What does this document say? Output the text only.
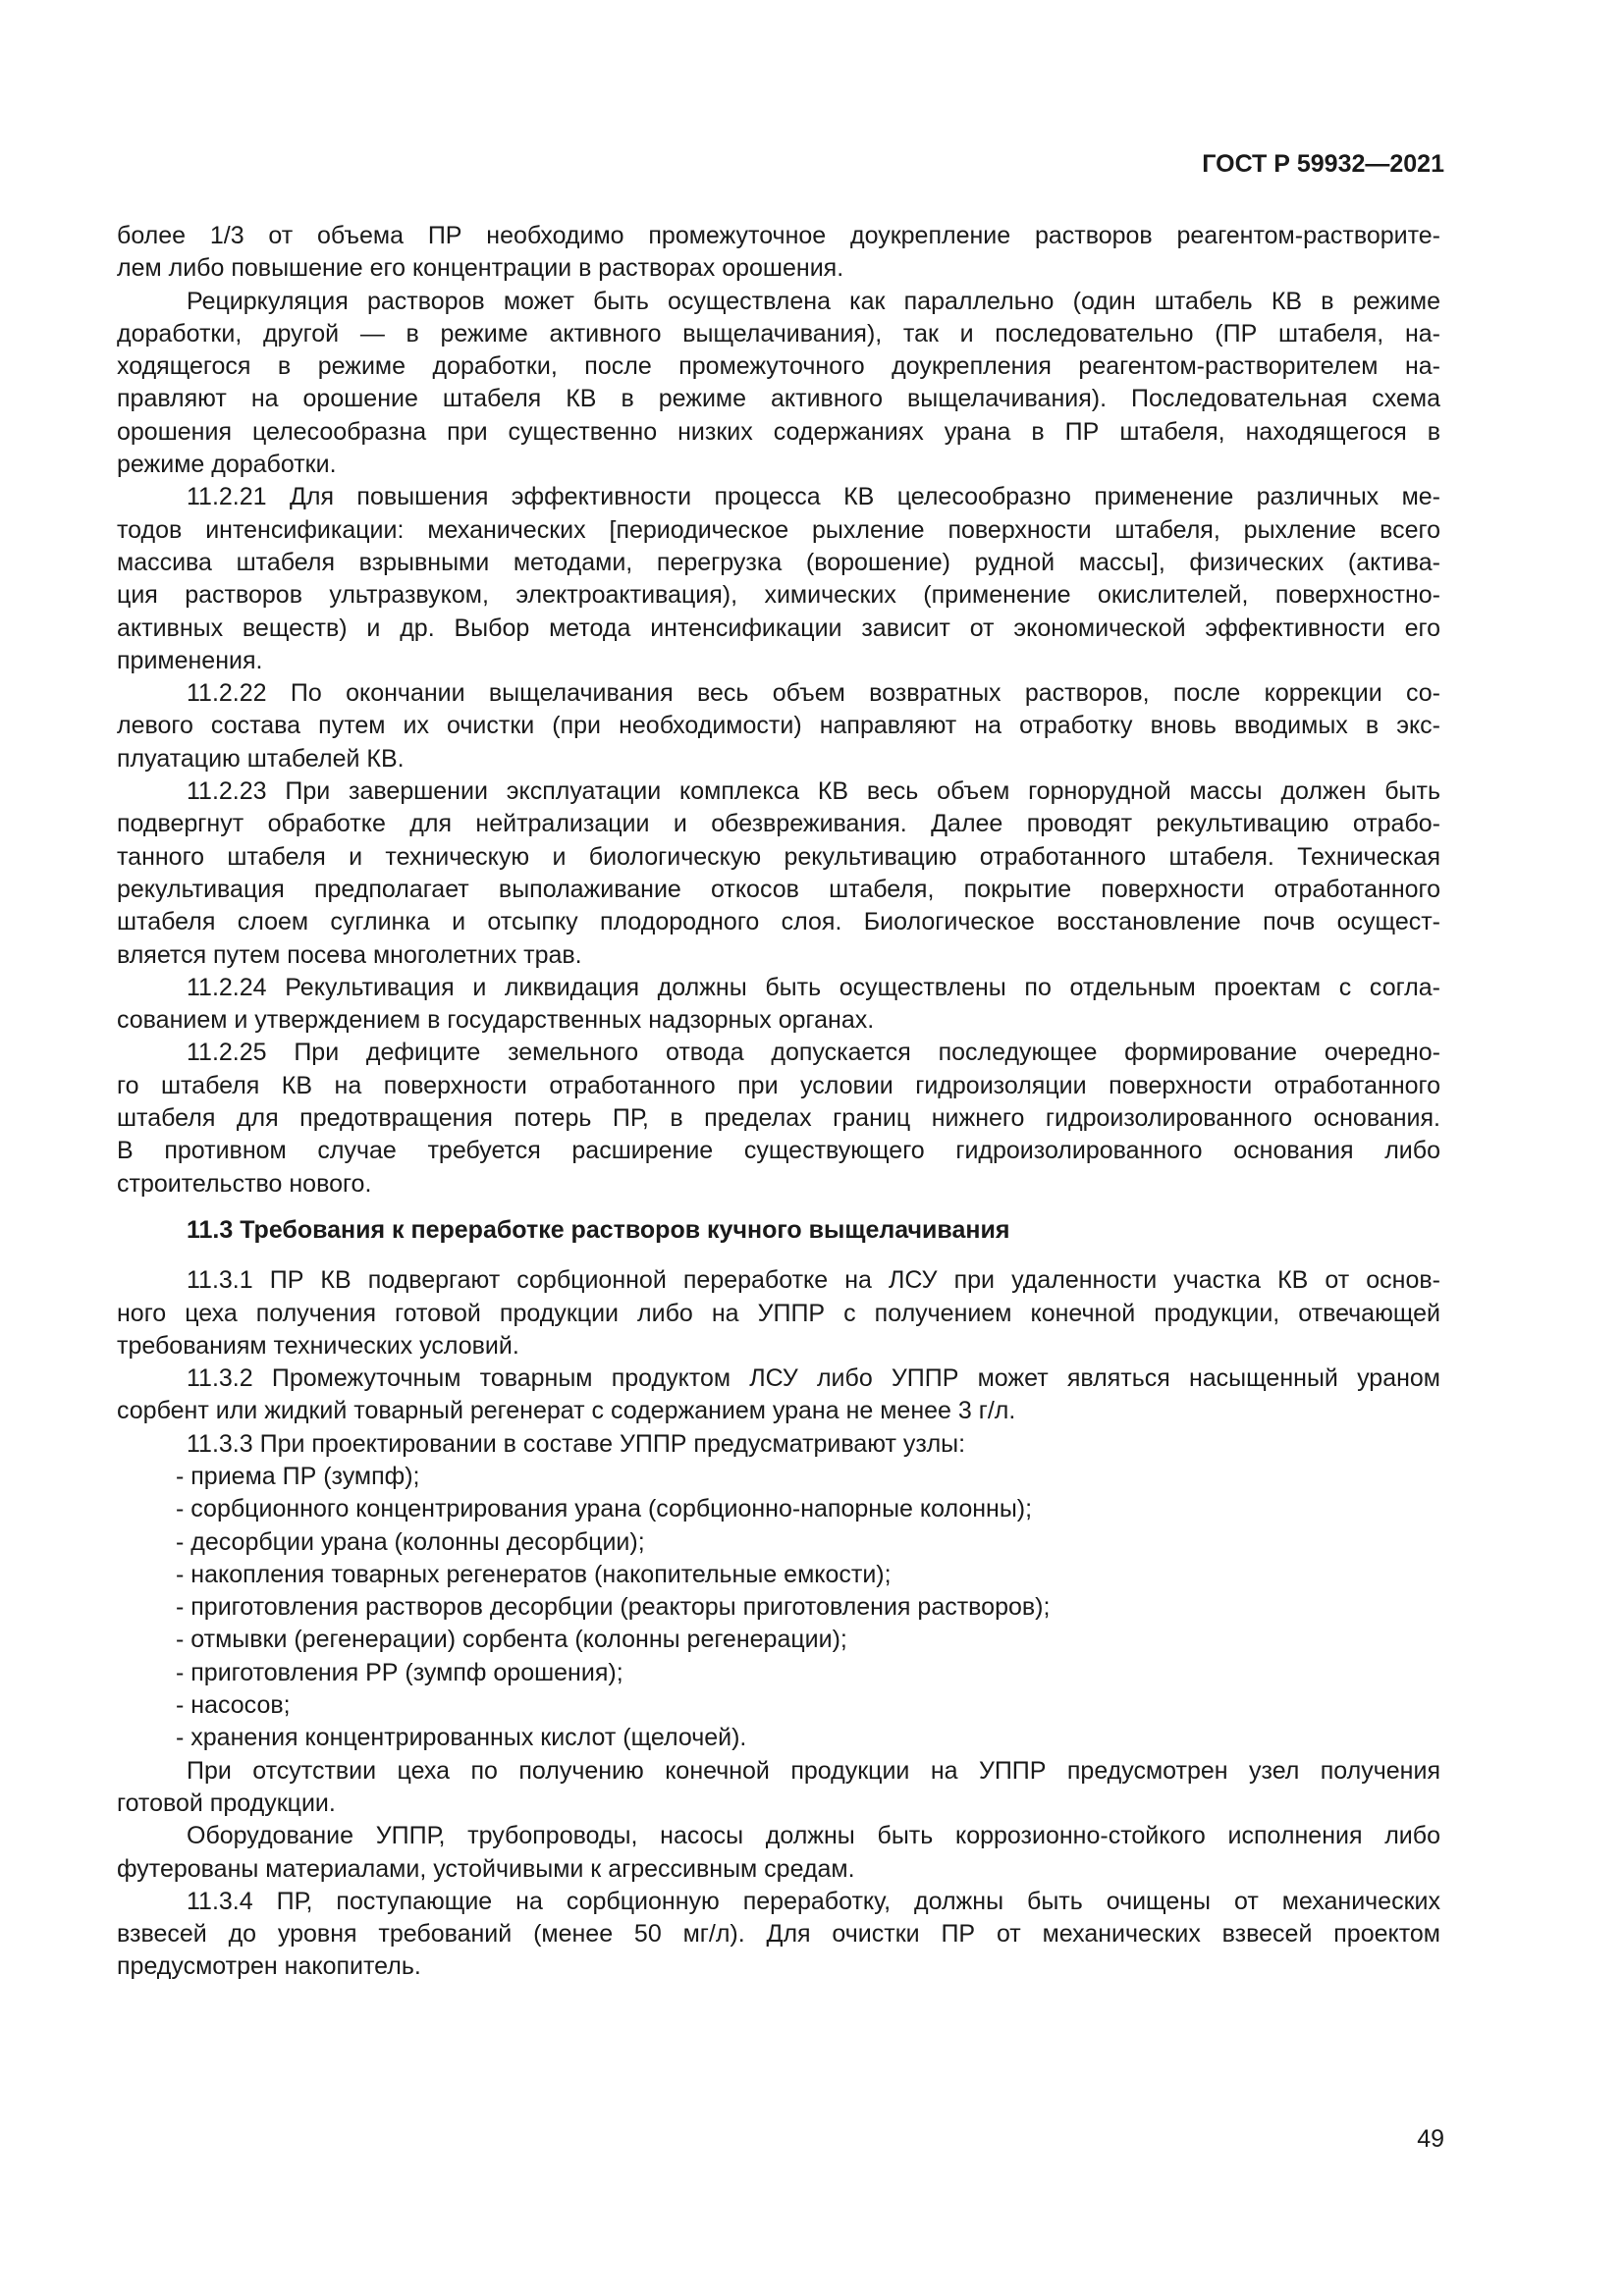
ГОСТ Р 59932—2021
более 1/3 от объема ПР необходимо промежуточное доукрепление растворов реагентом-растворите-
лем либо повышение его концентрации в растворах орошения.
Рециркуляция растворов может быть осуществлена как параллельно (один штабель КВ в режиме
доработки, другой — в режиме активного выщелачивания), так и последовательно (ПР штабеля, на-
ходящегося в режиме доработки, после промежуточного доукрепления реагентом-растворителем на-
правляют на орошение штабеля КВ в режиме активного выщелачивания). Последовательная схема
орошения целесообразна при существенно низких содержаниях урана в ПР штабеля, находящегося в
режиме доработки.
11.2.21 Для повышения эффективности процесса КВ целесообразно применение различных ме-
тодов интенсификации: механических [периодическое рыхление поверхности штабеля, рыхление всего
массива штабеля взрывными методами, перегрузка (ворошение) рудной массы], физических (актива-
ция растворов ультразвуком, электроактивация), химических (применение окислителей, поверхностно-
активных веществ) и др. Выбор метода интенсификации зависит от экономической эффективности его
применения.
11.2.22 По окончании выщелачивания весь объем возвратных растворов, после коррекции со-
левого состава путем их очистки (при необходимости) направляют на отработку вновь вводимых в экс-
плуатацию штабелей КВ.
11.2.23 При завершении эксплуатации комплекса КВ весь объем горнорудной массы должен быть
подвергнут обработке для нейтрализации и обезвреживания. Далее проводят рекультивацию отрабо-
танного штабеля и техническую и биологическую рекультивацию отработанного штабеля. Техническая
рекультивация предполагает выполаживание откосов штабеля, покрытие поверхности отработанного
штабеля слоем суглинка и отсыпку плодородного слоя. Биологическое восстановление почв осущест-
вляется путем посева многолетних трав.
11.2.24 Рекультивация и ликвидация должны быть осуществлены по отдельным проектам с согла-
сованием и утверждением в государственных надзорных органах.
11.2.25 При дефиците земельного отвода допускается последующее формирование очередно-
го штабеля КВ на поверхности отработанного при условии гидроизоляции поверхности отработанного
штабеля для предотвращения потерь ПР, в пределах границ нижнего гидроизолированного основания.
В противном случае требуется расширение существующего гидроизолированного основания либо
строительство нового.
11.3 Требования к переработке растворов кучного выщелачивания
11.3.1 ПР КВ подвергают сорбционной переработке на ЛСУ при удаленности участка КВ от основ-
ного цеха получения готовой продукции либо на УППР с получением конечной продукции, отвечающей
требованиям технических условий.
11.3.2 Промежуточным товарным продуктом ЛСУ либо УППР может являться насыщенный ураном
сорбент или жидкий товарный регенерат с содержанием урана не менее 3 г/л.
11.3.3 При проектировании в составе УППР предусматривают узлы:
- приема ПР (зумпф);
- сорбционного концентрирования урана (сорбционно-напорные колонны);
- десорбции урана (колонны десорбции);
- накопления товарных регенератов (накопительные емкости);
- приготовления растворов десорбции (реакторы приготовления растворов);
- отмывки (регенерации) сорбента (колонны регенерации);
- приготовления РР (зумпф орошения);
- насосов;
- хранения концентрированных кислот (щелочей).
При отсутствии цеха по получению конечной продукции на УППР предусмотрен узел получения
готовой продукции.
Оборудование УППР, трубопроводы, насосы должны быть коррозионно-стойкого исполнения либо
футерованы материалами, устойчивыми к агрессивным средам.
11.3.4 ПР, поступающие на сорбционную переработку, должны быть очищены от механических
взвесей до уровня требований (менее 50 мг/л). Для очистки ПР от механических взвесей проектом
предусмотрен накопитель.
49
